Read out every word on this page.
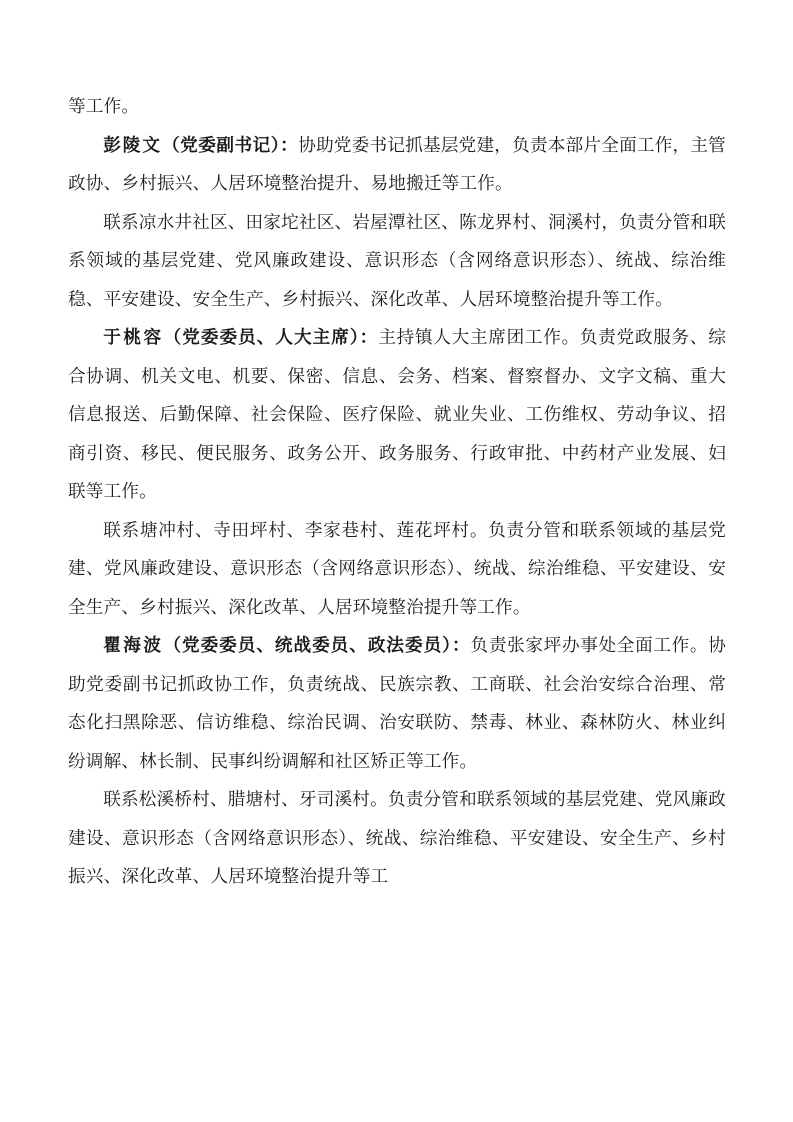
等工作。

彭陵文（党委副书记）：协助党委书记抓基层党建，负责本部片全面工作，主管政协、乡村振兴、人居环境整治提升、易地搬迁等工作。

联系凉水井社区、田家坨社区、岩屋潭社区、陈龙界村、洞溪村，负责分管和联系领域的基层党建、党风廉政建设、意识形态（含网络意识形态）、统战、综治维稳、平安建设、安全生产、乡村振兴、深化改革、人居环境整治提升等工作。

于桃容（党委委员、人大主席）：主持镇人大主席团工作。负责党政服务、综合协调、机关文电、机要、保密、信息、会务、档案、督察督办、文字文稿、重大信息报送、后勤保障、社会保险、医疗保险、就业失业、工伤维权、劳动争议、招商引资、移民、便民服务、政务公开、政务服务、行政审批、中药材产业发展、妇联等工作。

联系塘冲村、寺田坪村、李家巷村、莲花坪村。负责分管和联系领域的基层党建、党风廉政建设、意识形态（含网络意识形态）、统战、综治维稳、平安建设、安全生产、乡村振兴、深化改革、人居环境整治提升等工作。

瞿海波（党委委员、统战委员、政法委员）：负责张家坪办事处全面工作。协助党委副书记抓政协工作，负责统战、民族宗教、工商联、社会治安综合治理、常态化扫黑除恶、信访维稳、综治民调、治安联防、禁毒、林业、森林防火、林业纠纷调解、林长制、民事纠纷调解和社区矫正等工作。

联系松溪桥村、腊塘村、牙司溪村。负责分管和联系领域的基层党建、党风廉政建设、意识形态（含网络意识形态）、统战、综治维稳、平安建设、安全生产、乡村振兴、深化改革、人居环境整治提升等工
